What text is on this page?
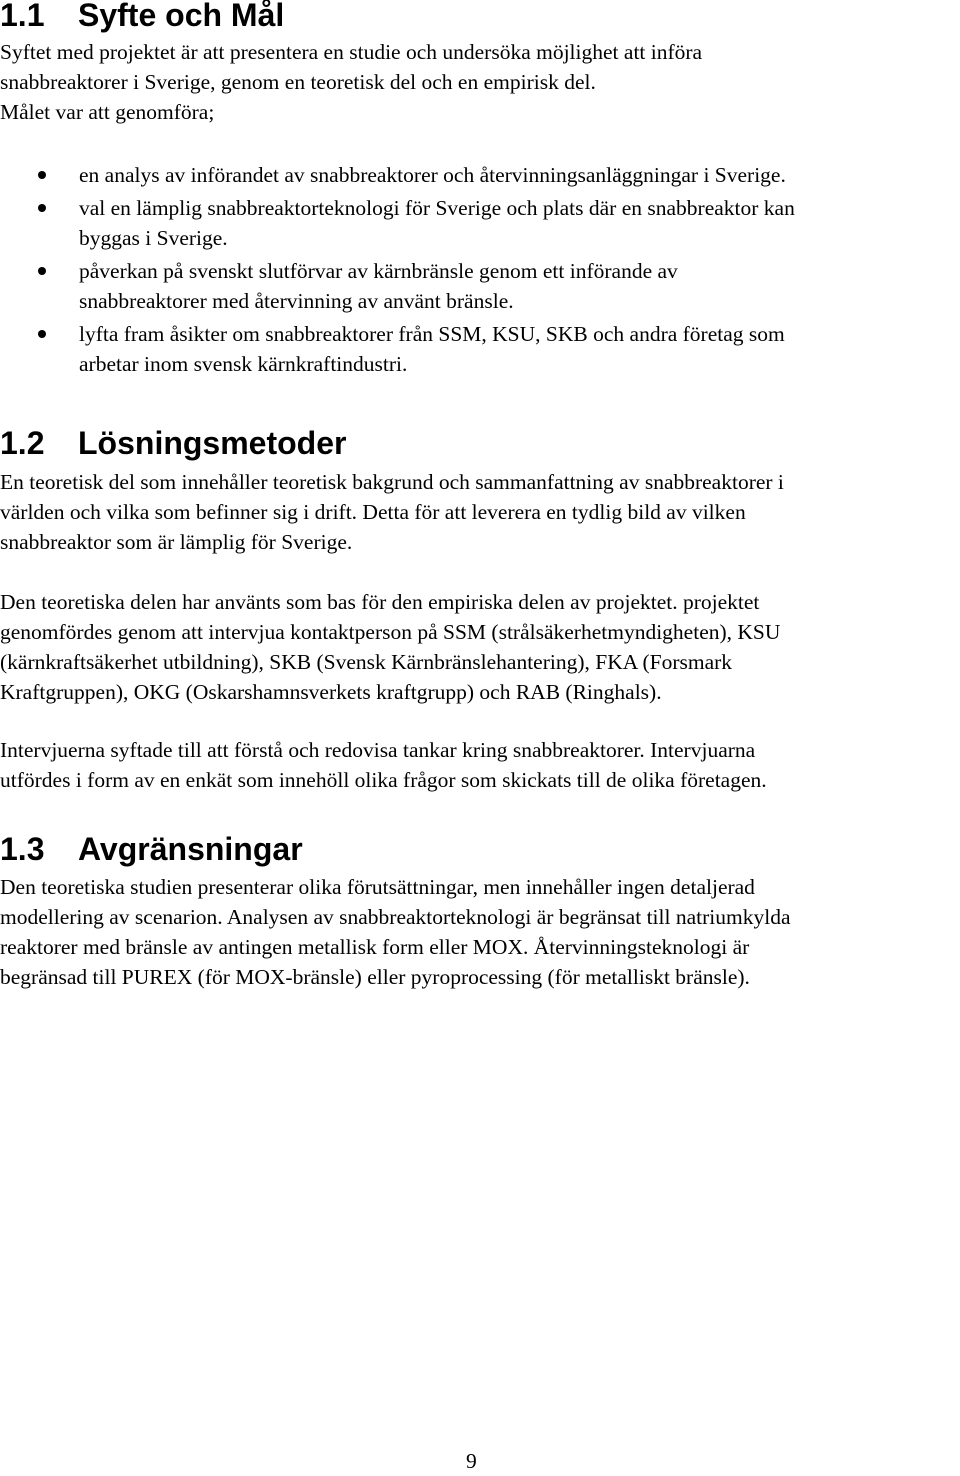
1.1 Syfte och Mål

Syftet med projektet är att presentera en studie och undersöka möjlighet att införa
snabbreaktorer i Sverige, genom en teoretisk del och en empirisk del.
Målet var att genomföra;

en analys av införandet av snabbreaktorer och återvinningsanläggningar i Sverige.
val en lämplig snabbreaktorteknologi för Sverige och plats där en snabbreaktor kan
byggas i Sverige.
påverkan på svenskt slutförvar av kärnbränsle genom ett införande av
snabbreaktorer med återvinning av använt bränsle.
lyfta fram åsikter om snabbreaktorer från SSM, KSU, SKB och andra företag som
arbetar inom svensk kärnkraftindustri.
1.2 Lösningsmetoder

En teoretisk del som innehåller teoretisk bakgrund och sammanfattning av snabbreaktorer i
världen och vilka som befinner sig i drift. Detta för att leverera en tydlig bild av vilken
snabbreaktor som är lämplig för Sverige.

Den teoretiska delen har använts som bas för den empiriska delen av projektet. projektet
genomfördes genom att intervjua kontaktperson på SSM (strålsäkerhetmyndigheten), KSU
(kärnkraftsäkerhet utbildning), SKB (Svensk Kärnbränslehantering), FKA (Forsmark
Kraftgruppen), OKG (Oskarshamnsverkets kraftgrupp) och RAB (Ringhals).

Intervjuerna syftade till att förstå och redovisa tankar kring snabbreaktorer. Intervjuarna
utfördes i form av en enkät som innehöll olika frågor som skickats till de olika företagen.

1.3 Avgränsningar

Den teoretiska studien presenterar olika förutsättningar, men innehåller ingen detaljerad
modellering av scenarion. Analysen av snabbreaktorteknologi är begränsat till natriumkylda
reaktorer med bränsle av antingen metallisk form eller MOX. Återvinningsteknologi är
begränsad till PUREX (för MOX-bränsle) eller pyroprocessing (för metalliskt bränsle).

9
